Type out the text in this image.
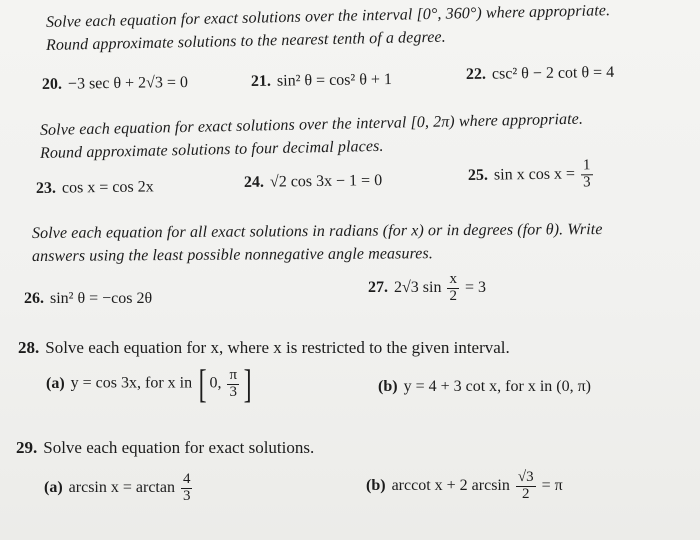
Solve each equation for exact solutions over the interval [0°, 360°) where appropriate.
Round approximate solutions to the nearest tenth of a degree.
20. −3 sec θ + 2√3 = 0	21. sin² θ = cos² θ + 1	22. csc² θ − 2 cot θ = 4
Solve each equation for exact solutions over the interval [0, 2π) where appropriate.
Round approximate solutions to four decimal places.
23. cos x = cos 2x	24. √2 cos 3x − 1 = 0	25. sin x $\cos x = \frac{1}{3}$
Solve each equation for all exact solutions in radians (for x) or in degrees (for θ). Write
answers using the least possible nonnegative angle measures.
26. sin² θ = −cos 2θ
27. 2√3 $\sin \frac{x}{2} = 3$
28. Solve each equation for x, where x is restricted to the given interval.
(a) y = cos 3x, for x in [ 0, $\frac{\pi}{3}$ ]	(b) y = 4 + 3 cot x, for x in (0, π)
29. Solve each equation for exact solutions.
(a) $\arcsin x = \arctan \frac{4}{3}$	(b) arccot x + 2 $\arcsin \frac{√3}{2} = \pi$
